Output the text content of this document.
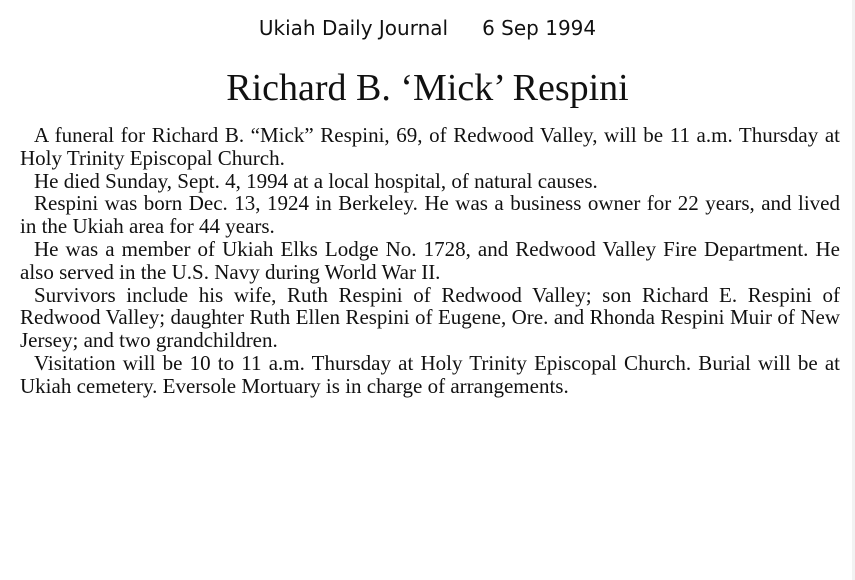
Ukiah Daily Journal 6 Sep 1994
Richard B. ‘Mick’ Respini

A funeral for Richard B. “Mick” Respini, 69, of Redwood Valley, will be 11 a.m. Thursday at Holy Trinity Episcopal Church.

He died Sunday, Sept. 4, 1994 at a local hospital, of natural causes.

Respini was born Dec. 13, 1924 in Berkeley. He was a business owner for 22 years, and lived in the Ukiah area for 44 years.

He was a member of Ukiah Elks Lodge No. 1728, and Redwood Valley Fire Department. He also served in the U.S. Navy during World War II.

Survivors include his wife, Ruth Respini of Redwood Valley; son Richard E. Respini of Redwood Valley; daughter Ruth Ellen Respini of Eugene, Ore. and Rhonda Respini Muir of New Jersey; and two grandchildren.

Visitation will be 10 to 11 a.m. Thursday at Holy Trinity Episcopal Church. Burial will be at Ukiah cemetery. Eversole Mortuary is in charge of arrangements.
